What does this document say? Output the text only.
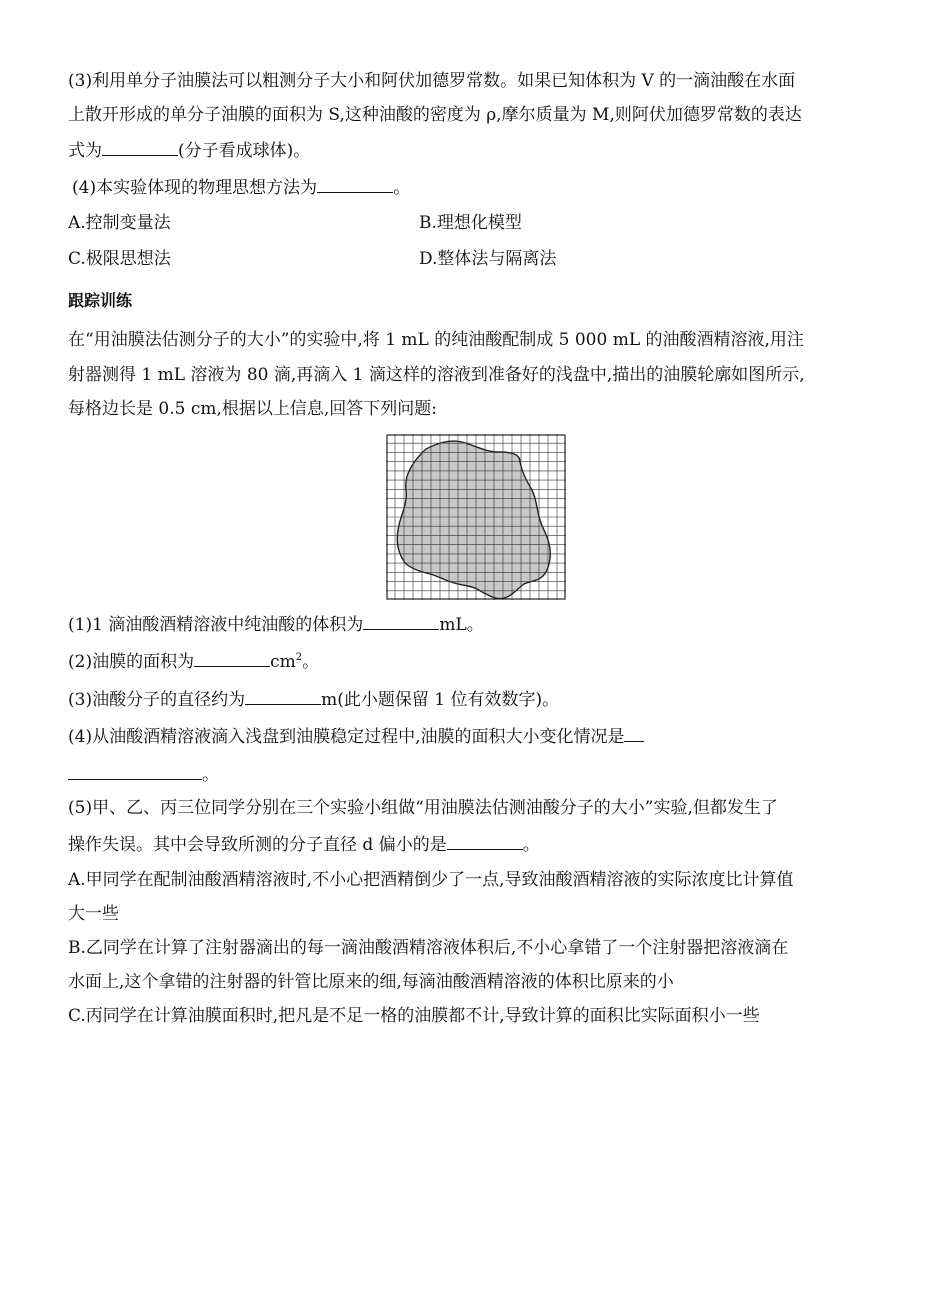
(3)利用单分子油膜法可以粗测分子大小和阿伏加德罗常数。如果已知体积为 V 的一滴油酸在水面
上散开形成的单分子油膜的面积为 S,这种油酸的密度为 ρ,摩尔质量为 M,则阿伏加德罗常数的表达
式为	(分子看成球体)。
(4)本实验体现的物理思想方法为	。
A.控制变量法	B.理想化模型
C.极限思想法	D.整体法与隔离法
跟踪训练
在“用油膜法估测分子的大小”的实验中,将 1 mL 的纯油酸配制成 5 000 mL 的油酸酒精溶液,用注
射器测得 1 mL 溶液为 80 滴,再滴入 1 滴这样的溶液到准备好的浅盘中,描出的油膜轮廓如图所示,
每格边长是 0.5 cm,根据以上信息,回答下列问题:
(1)1 滴油酸酒精溶液中纯油酸的体积为	mL。
(2)油膜的面积为	$cm^2$。
(3)油酸分子的直径约为	m(此小题保留 1 位有效数字)。
(4)从油酸酒精溶液滴入浅盘到油膜稳定过程中,油膜的面积大小变化情况是
。
(5)甲、乙、丙三位同学分别在三个实验小组做“用油膜法估测油酸分子的大小”实验,但都发生了
操作失误。其中会导致所测的分子直径 d 偏小的是	。
A.甲同学在配制油酸酒精溶液时,不小心把酒精倒少了一点,导致油酸酒精溶液的实际浓度比计算值
大一些
B.乙同学在计算了注射器滴出的每一滴油酸酒精溶液体积后,不小心拿错了一个注射器把溶液滴在
水面上,这个拿错的注射器的针管比原来的细,每滴油酸酒精溶液的体积比原来的小
C.丙同学在计算油膜面积时,把凡是不足一格的油膜都不计,导致计算的面积比实际面积小一些
